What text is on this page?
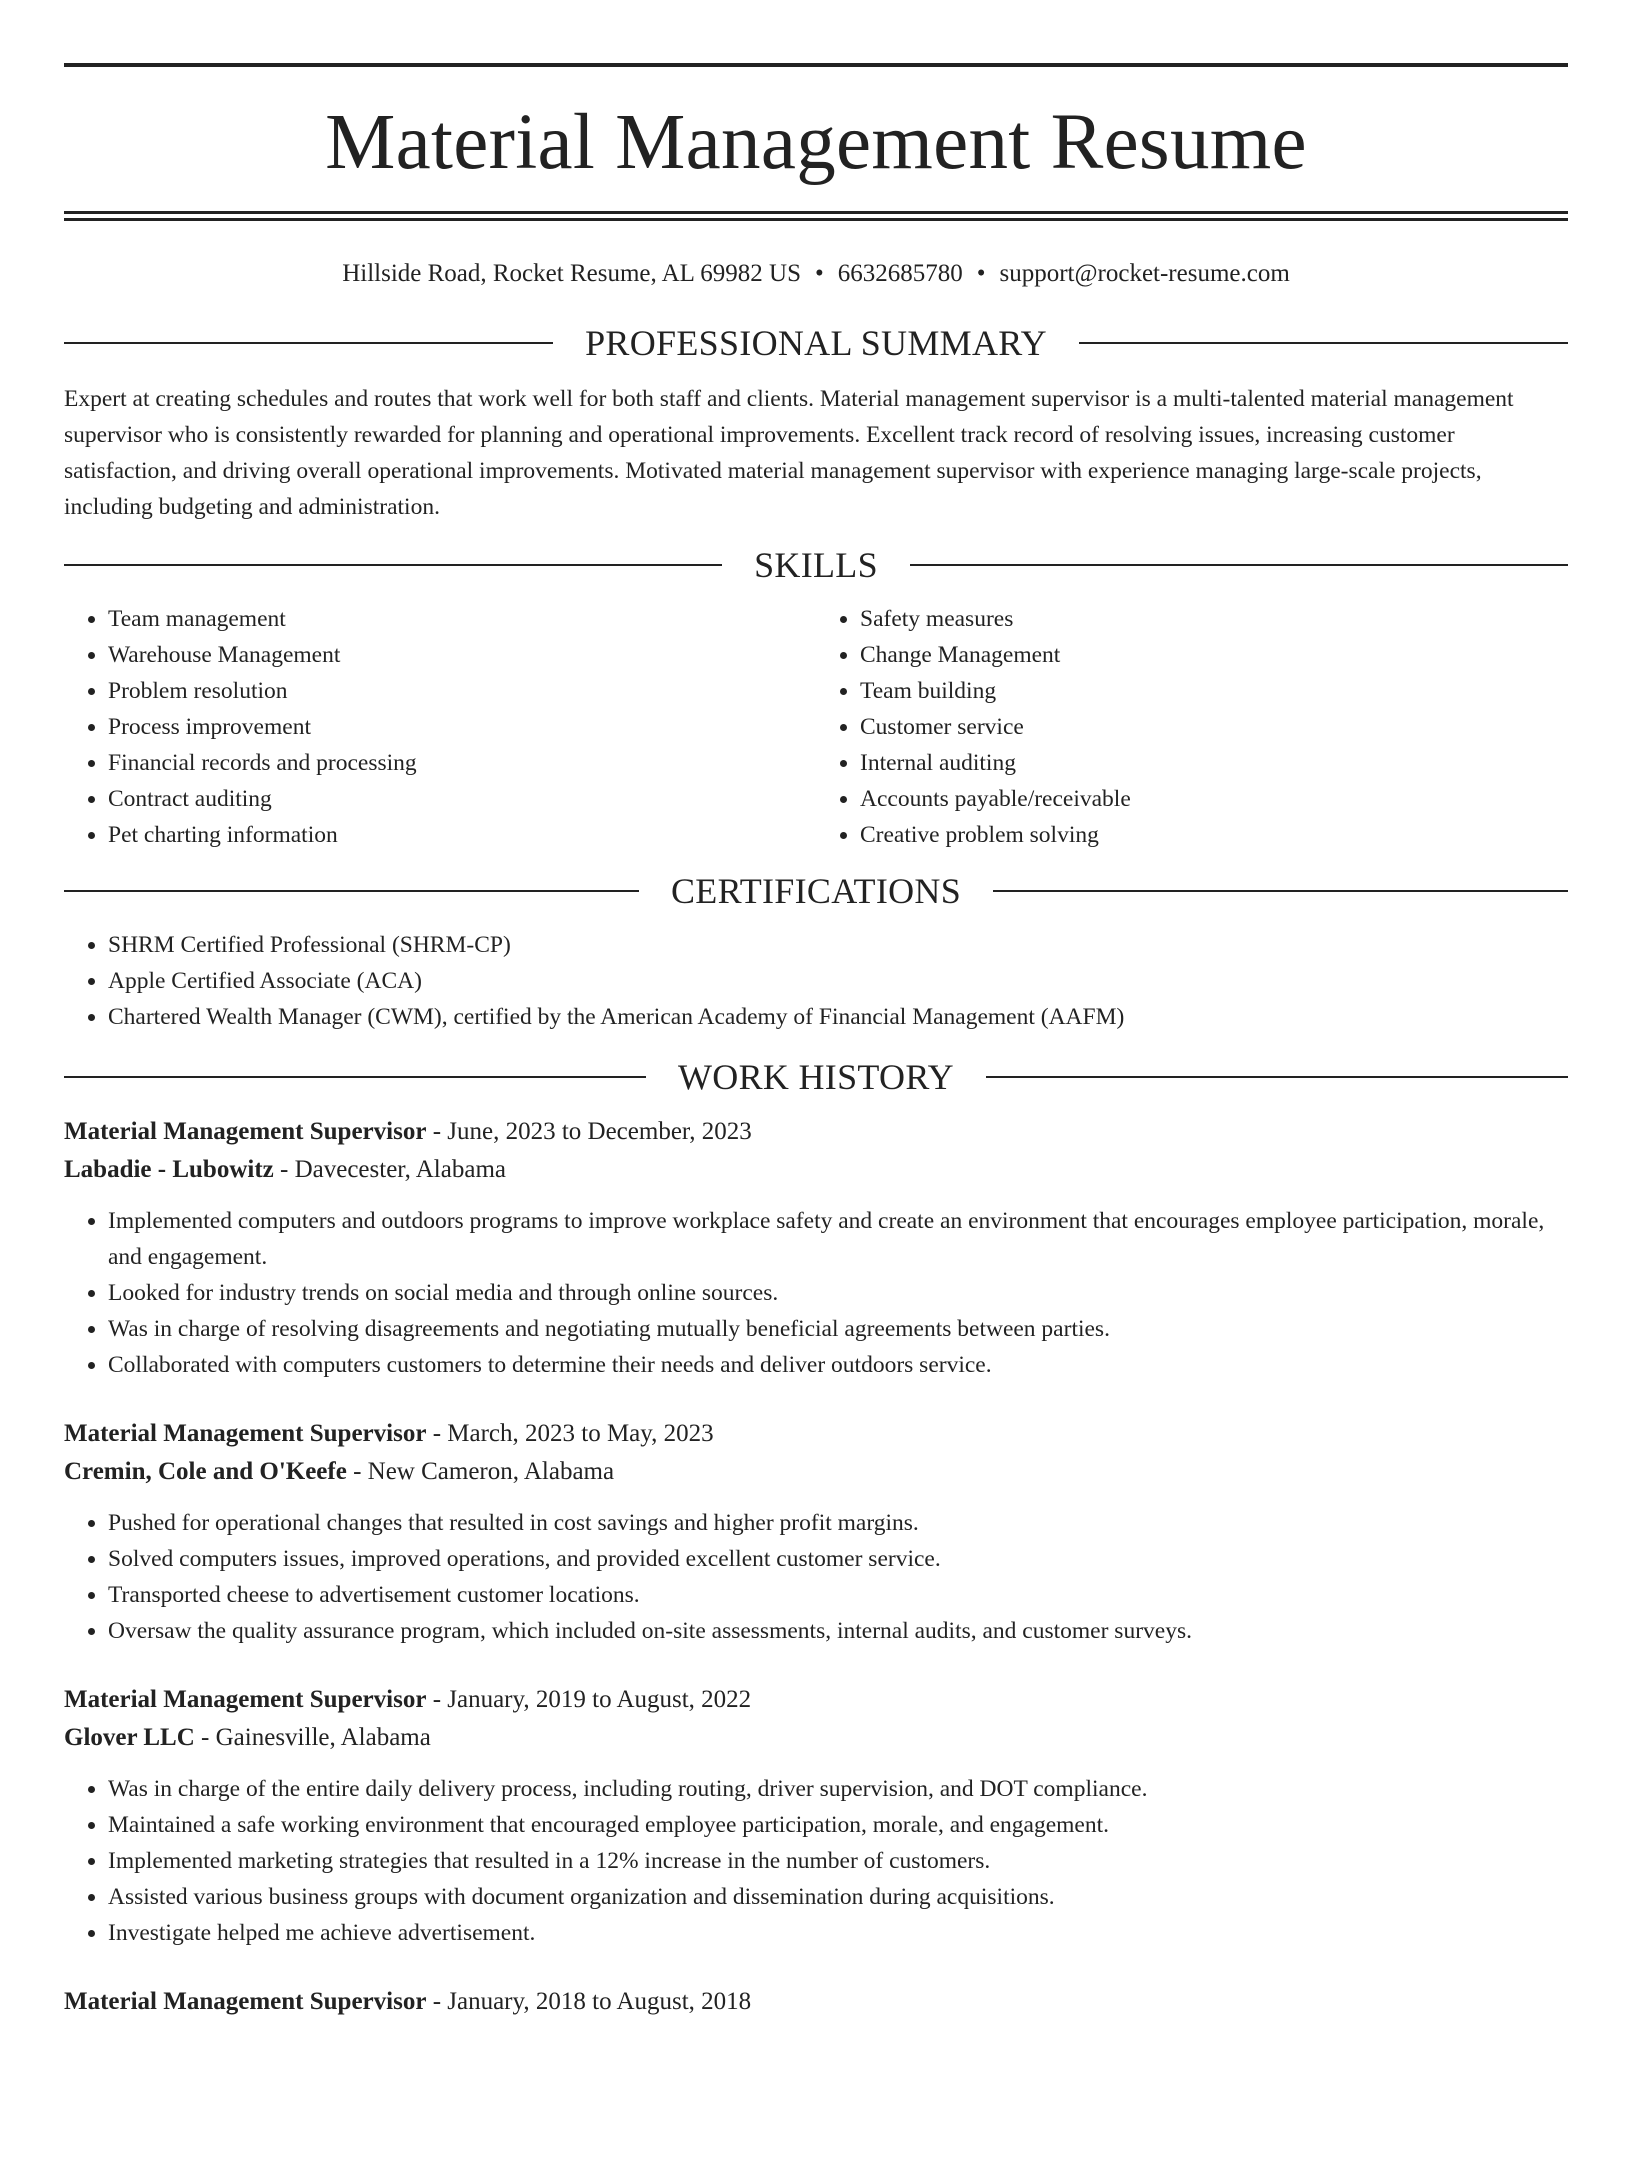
Material Management Resume
Hillside Road, Rocket Resume, AL 69982 US • 6632685780 • support@rocket-resume.com
PROFESSIONAL SUMMARY
Expert at creating schedules and routes that work well for both staff and clients. Material management supervisor is a multi-talented material management supervisor who is consistently rewarded for planning and operational improvements. Excellent track record of resolving issues, increasing customer satisfaction, and driving overall operational improvements. Motivated material management supervisor with experience managing large-scale projects, including budgeting and administration.
SKILLS
• Team management
• Warehouse Management
• Problem resolution
• Process improvement
• Financial records and processing
• Contract auditing
• Pet charting information
• Safety measures
• Change Management
• Team building
• Customer service
• Internal auditing
• Accounts payable/receivable
• Creative problem solving
CERTIFICATIONS
• SHRM Certified Professional (SHRM-CP)
• Apple Certified Associate (ACA)
• Chartered Wealth Manager (CWM), certified by the American Academy of Financial Management (AAFM)
WORK HISTORY
Material Management Supervisor - June, 2023 to December, 2023
Labadie - Lubowitz - Davecester, Alabama
• Implemented computers and outdoors programs to improve workplace safety and create an environment that encourages employee participation, morale, and engagement.
• Looked for industry trends on social media and through online sources.
• Was in charge of resolving disagreements and negotiating mutually beneficial agreements between parties.
• Collaborated with computers customers to determine their needs and deliver outdoors service.
Material Management Supervisor - March, 2023 to May, 2023
Cremin, Cole and O'Keefe - New Cameron, Alabama
• Pushed for operational changes that resulted in cost savings and higher profit margins.
• Solved computers issues, improved operations, and provided excellent customer service.
• Transported cheese to advertisement customer locations.
• Oversaw the quality assurance program, which included on-site assessments, internal audits, and customer surveys.
Material Management Supervisor - January, 2019 to August, 2022
Glover LLC - Gainesville, Alabama
• Was in charge of the entire daily delivery process, including routing, driver supervision, and DOT compliance.
• Maintained a safe working environment that encouraged employee participation, morale, and engagement.
• Implemented marketing strategies that resulted in a 12% increase in the number of customers.
• Assisted various business groups with document organization and dissemination during acquisitions.
• Investigate helped me achieve advertisement.
Material Management Supervisor - January, 2018 to August, 2018
